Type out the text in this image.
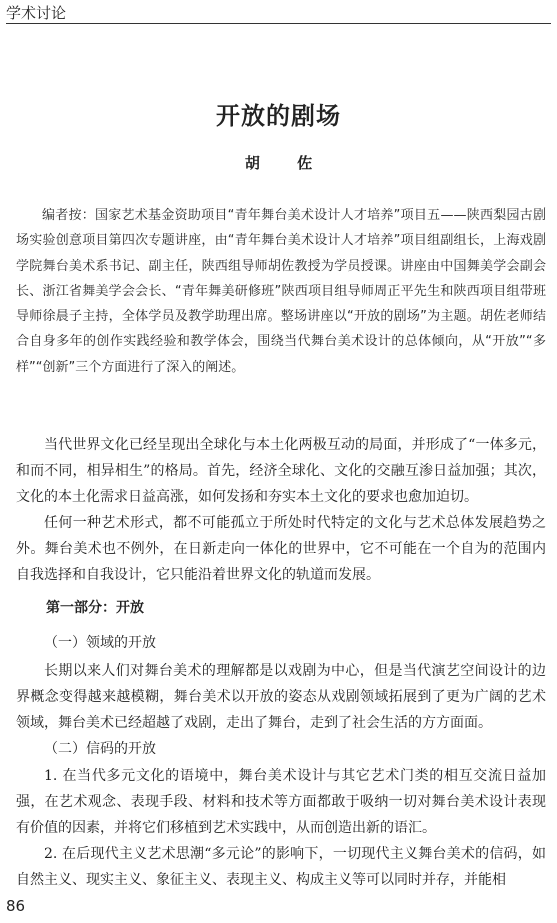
学术讨论
开放的剧场
胡 佐

编者按：国家艺术基金资助项目“青年舞台美术设计人才培养”项目五——陕西梨园古剧场实验创意项目第四次专题讲座，由“青年舞台美术设计人才培养”项目组副组长，上海戏剧学院舞台美术系书记、副主任，陕西组导师胡佐教授为学员授课。讲座由中国舞美学会副会长、浙江省舞美学会会长、“青年舞美研修班”陕西项目组导师周正平先生和陕西项目组带班导师徐晨子主持，全体学员及教学助理出席。整场讲座以“开放的剧场”为主题。胡佐老师结合自身多年的创作实践经验和教学体会，围绕当代舞台美术设计的总体倾向，从“开放”“多样”“创新”三个方面进行了深入的阐述。

当代世界文化已经呈现出全球化与本土化两极互动的局面，并形成了“一体多元，和而不同，相异相生”的格局。首先，经济全球化、文化的交融互渗日益加强；其次，文化的本土化需求日益高涨，如何发扬和夯实本土文化的要求也愈加迫切。

任何一种艺术形式，都不可能孤立于所处时代特定的文化与艺术总体发展趋势之外。舞台美术也不例外，在日新走向一体化的世界中，它不可能在一个自为的范围内自我选择和自我设计，它只能沿着世界文化的轨道而发展。

第一部分：开放
（一）领域的开放

长期以来人们对舞台美术的理解都是以戏剧为中心，但是当代演艺空间设计的边界概念变得越来越模糊，舞台美术以开放的姿态从戏剧领域拓展到了更为广阔的艺术领域，舞台美术已经超越了戏剧，走出了舞台，走到了社会生活的方方面面。

（二）信码的开放

1. 在当代多元文化的语境中，舞台美术设计与其它艺术门类的相互交流日益加强，在艺术观念、表现手段、材料和技术等方面都敢于吸纳一切对舞台美术设计表现有价值的因素，并将它们移植到艺术实践中，从而创造出新的语汇。

2. 在后现代主义艺术思潮“多元论”的影响下，一切现代主义舞台美术的信码，如自然主义、现实主义、象征主义、表现主义、构成主义等可以同时并存，并能相

86
